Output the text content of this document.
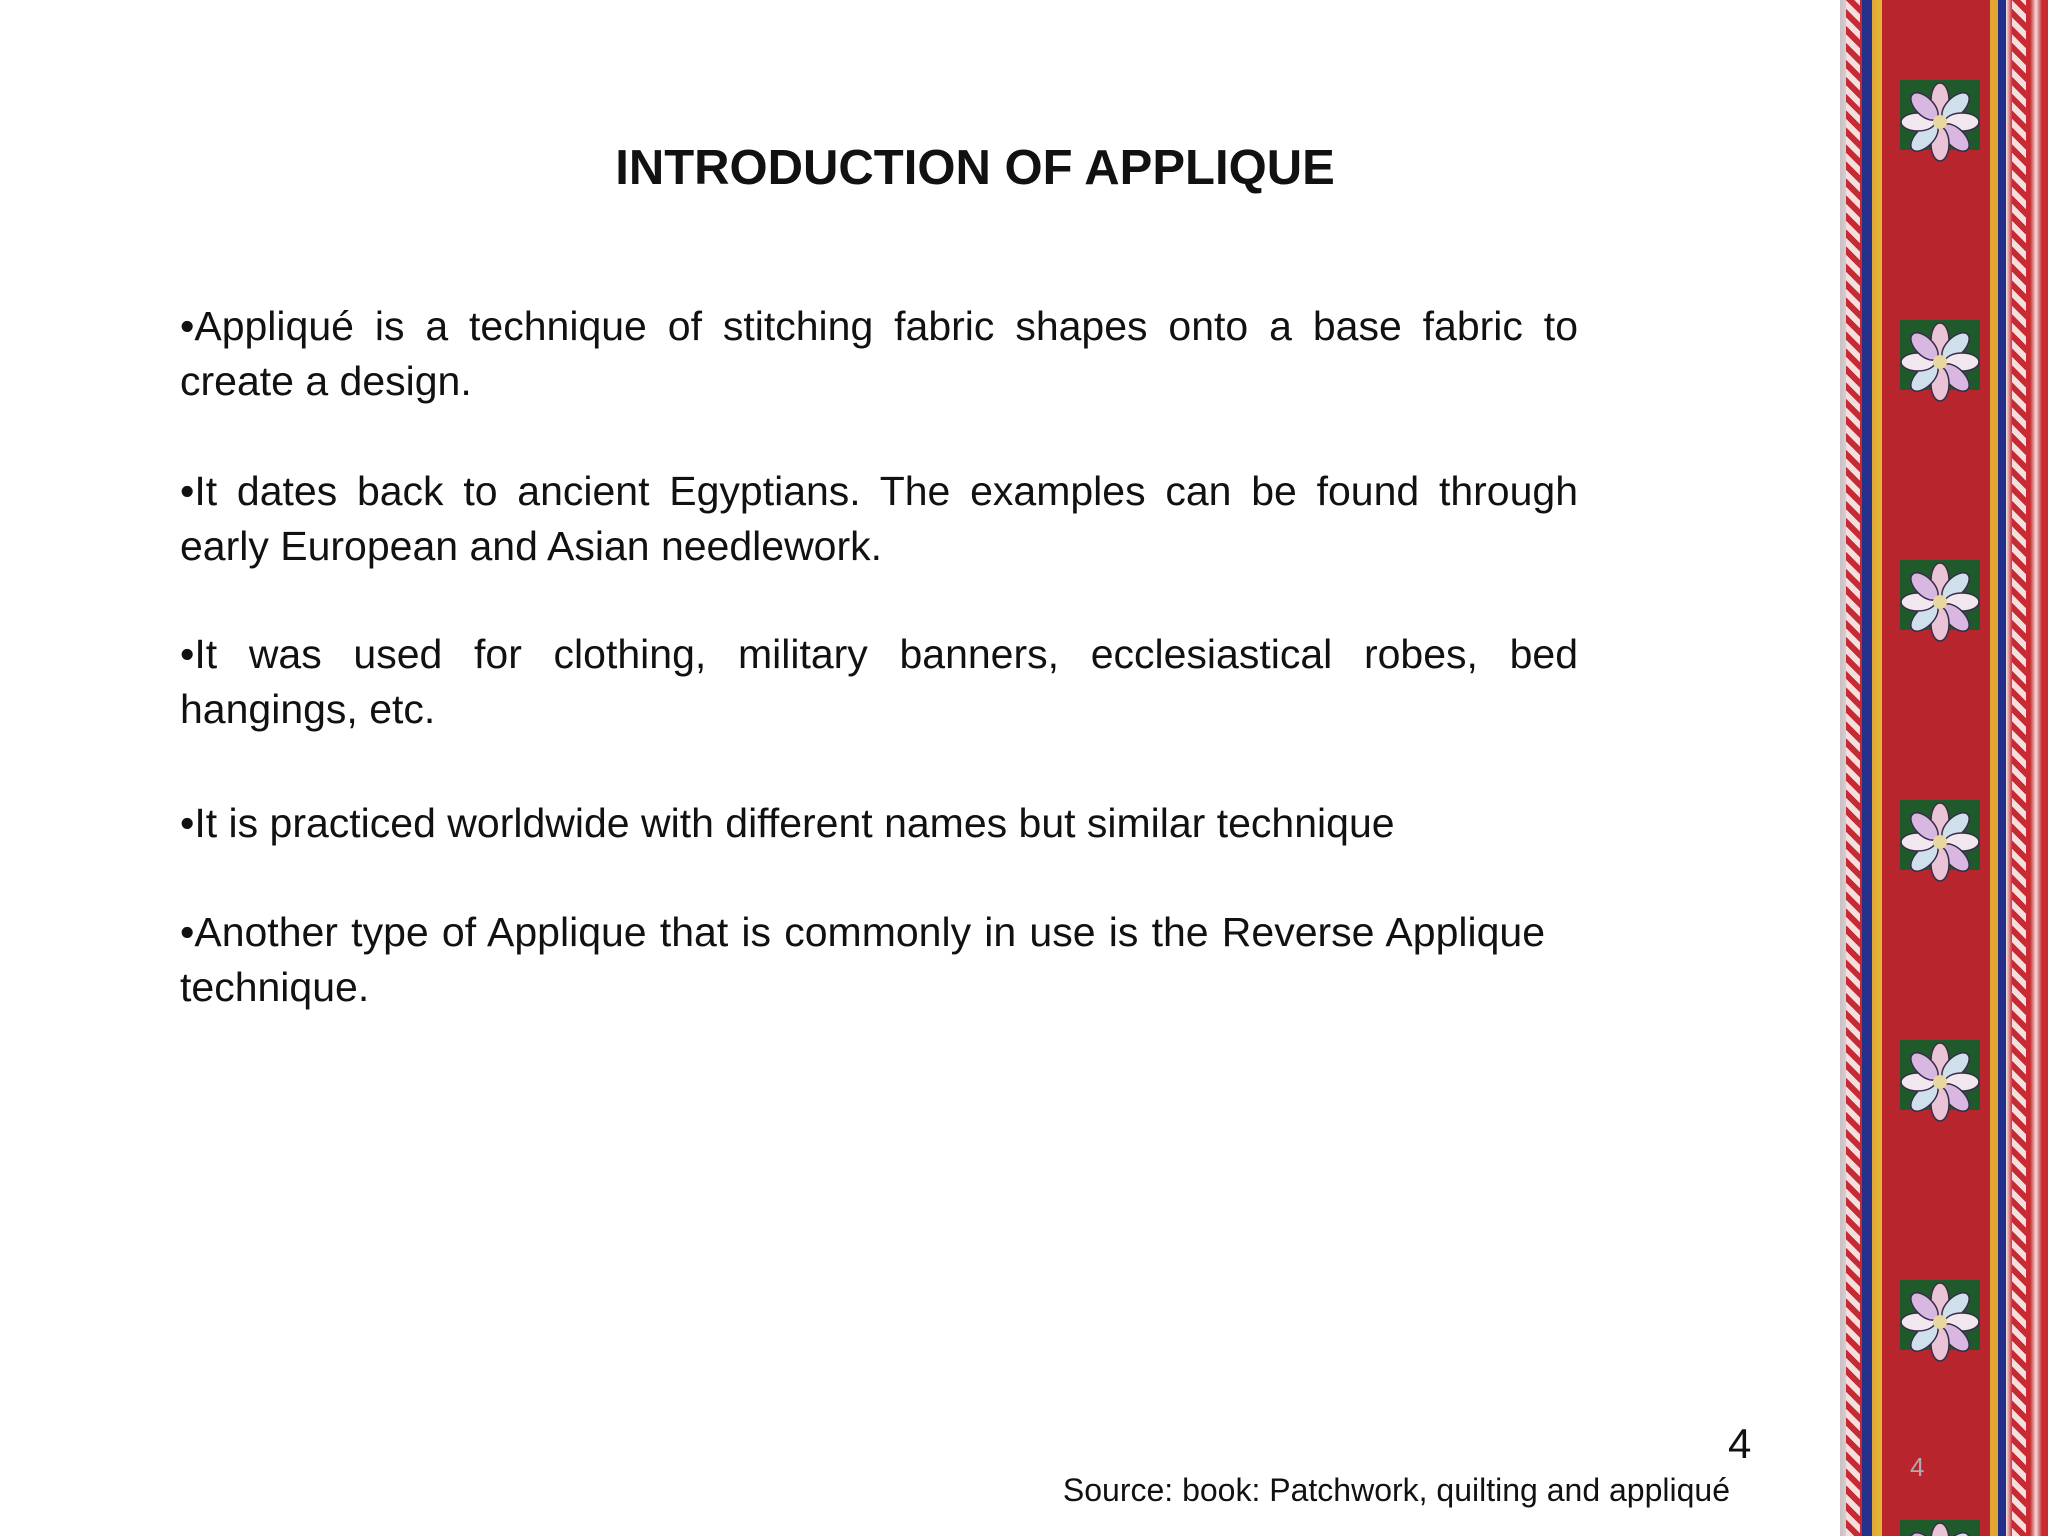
INTRODUCTION OF APPLIQUE
•Appliqué is a technique of stitching fabric shapes onto a base fabric to create a design.
•It dates back to ancient Egyptians. The examples can be found through early European and Asian needlework.
•It was used for clothing, military banners, ecclesiastical robes, bed hangings, etc.
•It is practiced worldwide with different names but similar technique
•Another type of Applique that is commonly in use is the Reverse Applique technique.
4
Source: book: Patchwork, quilting and appliqué
4
